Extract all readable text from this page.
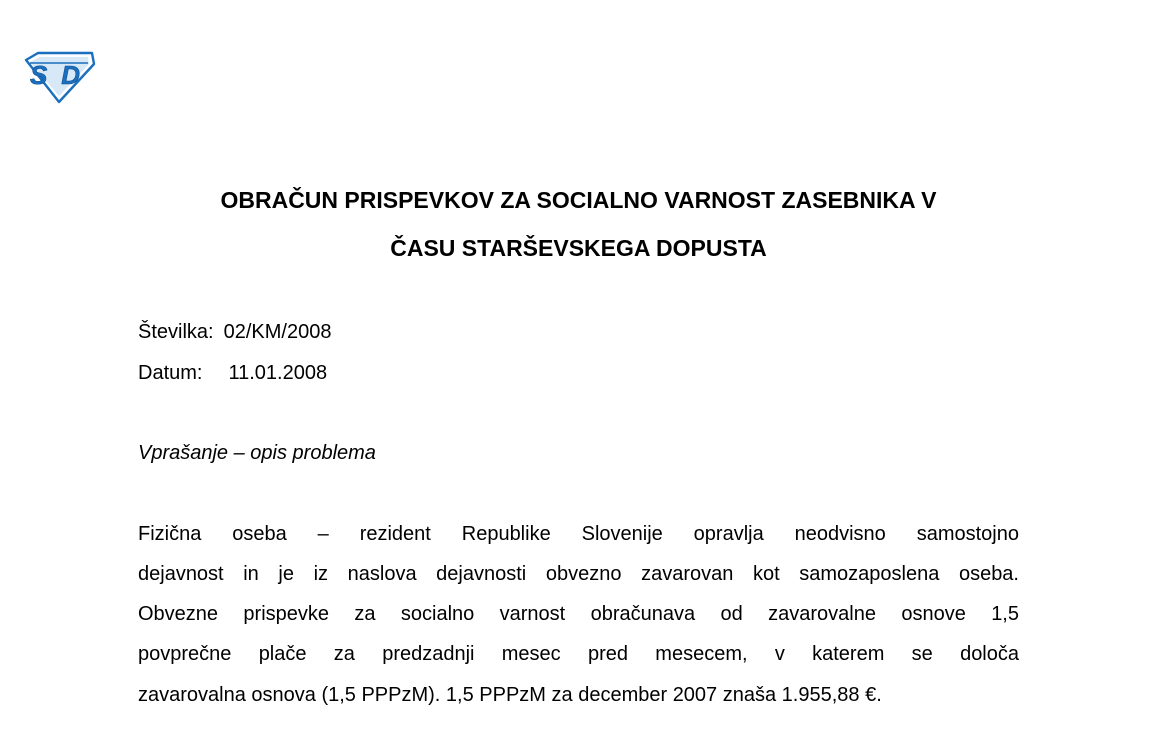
SD
OBRAČUN PRISPEVKOV ZA SOCIALNO VARNOST ZASEBNIKA V
ČASU STARŠEVSKEGA DOPUSTA
Številka: 02/KM/2008
Datum: 11.01.2008
Vprašanje – opis problema
Fizična oseba – rezident Republike Slovenije opravlja neodvisno samostojno
dejavnost in je iz naslova dejavnosti obvezno zavarovan kot samozaposlena oseba.
Obvezne prispevke za socialno varnost obračunava od zavarovalne osnove 1,5
povprečne plače za predzadnji mesec pred mesecem, v katerem se določa
zavarovalna osnova (1,5 PPPzM). 1,5 PPPzM za december 2007 znaša 1.955,88 €.
